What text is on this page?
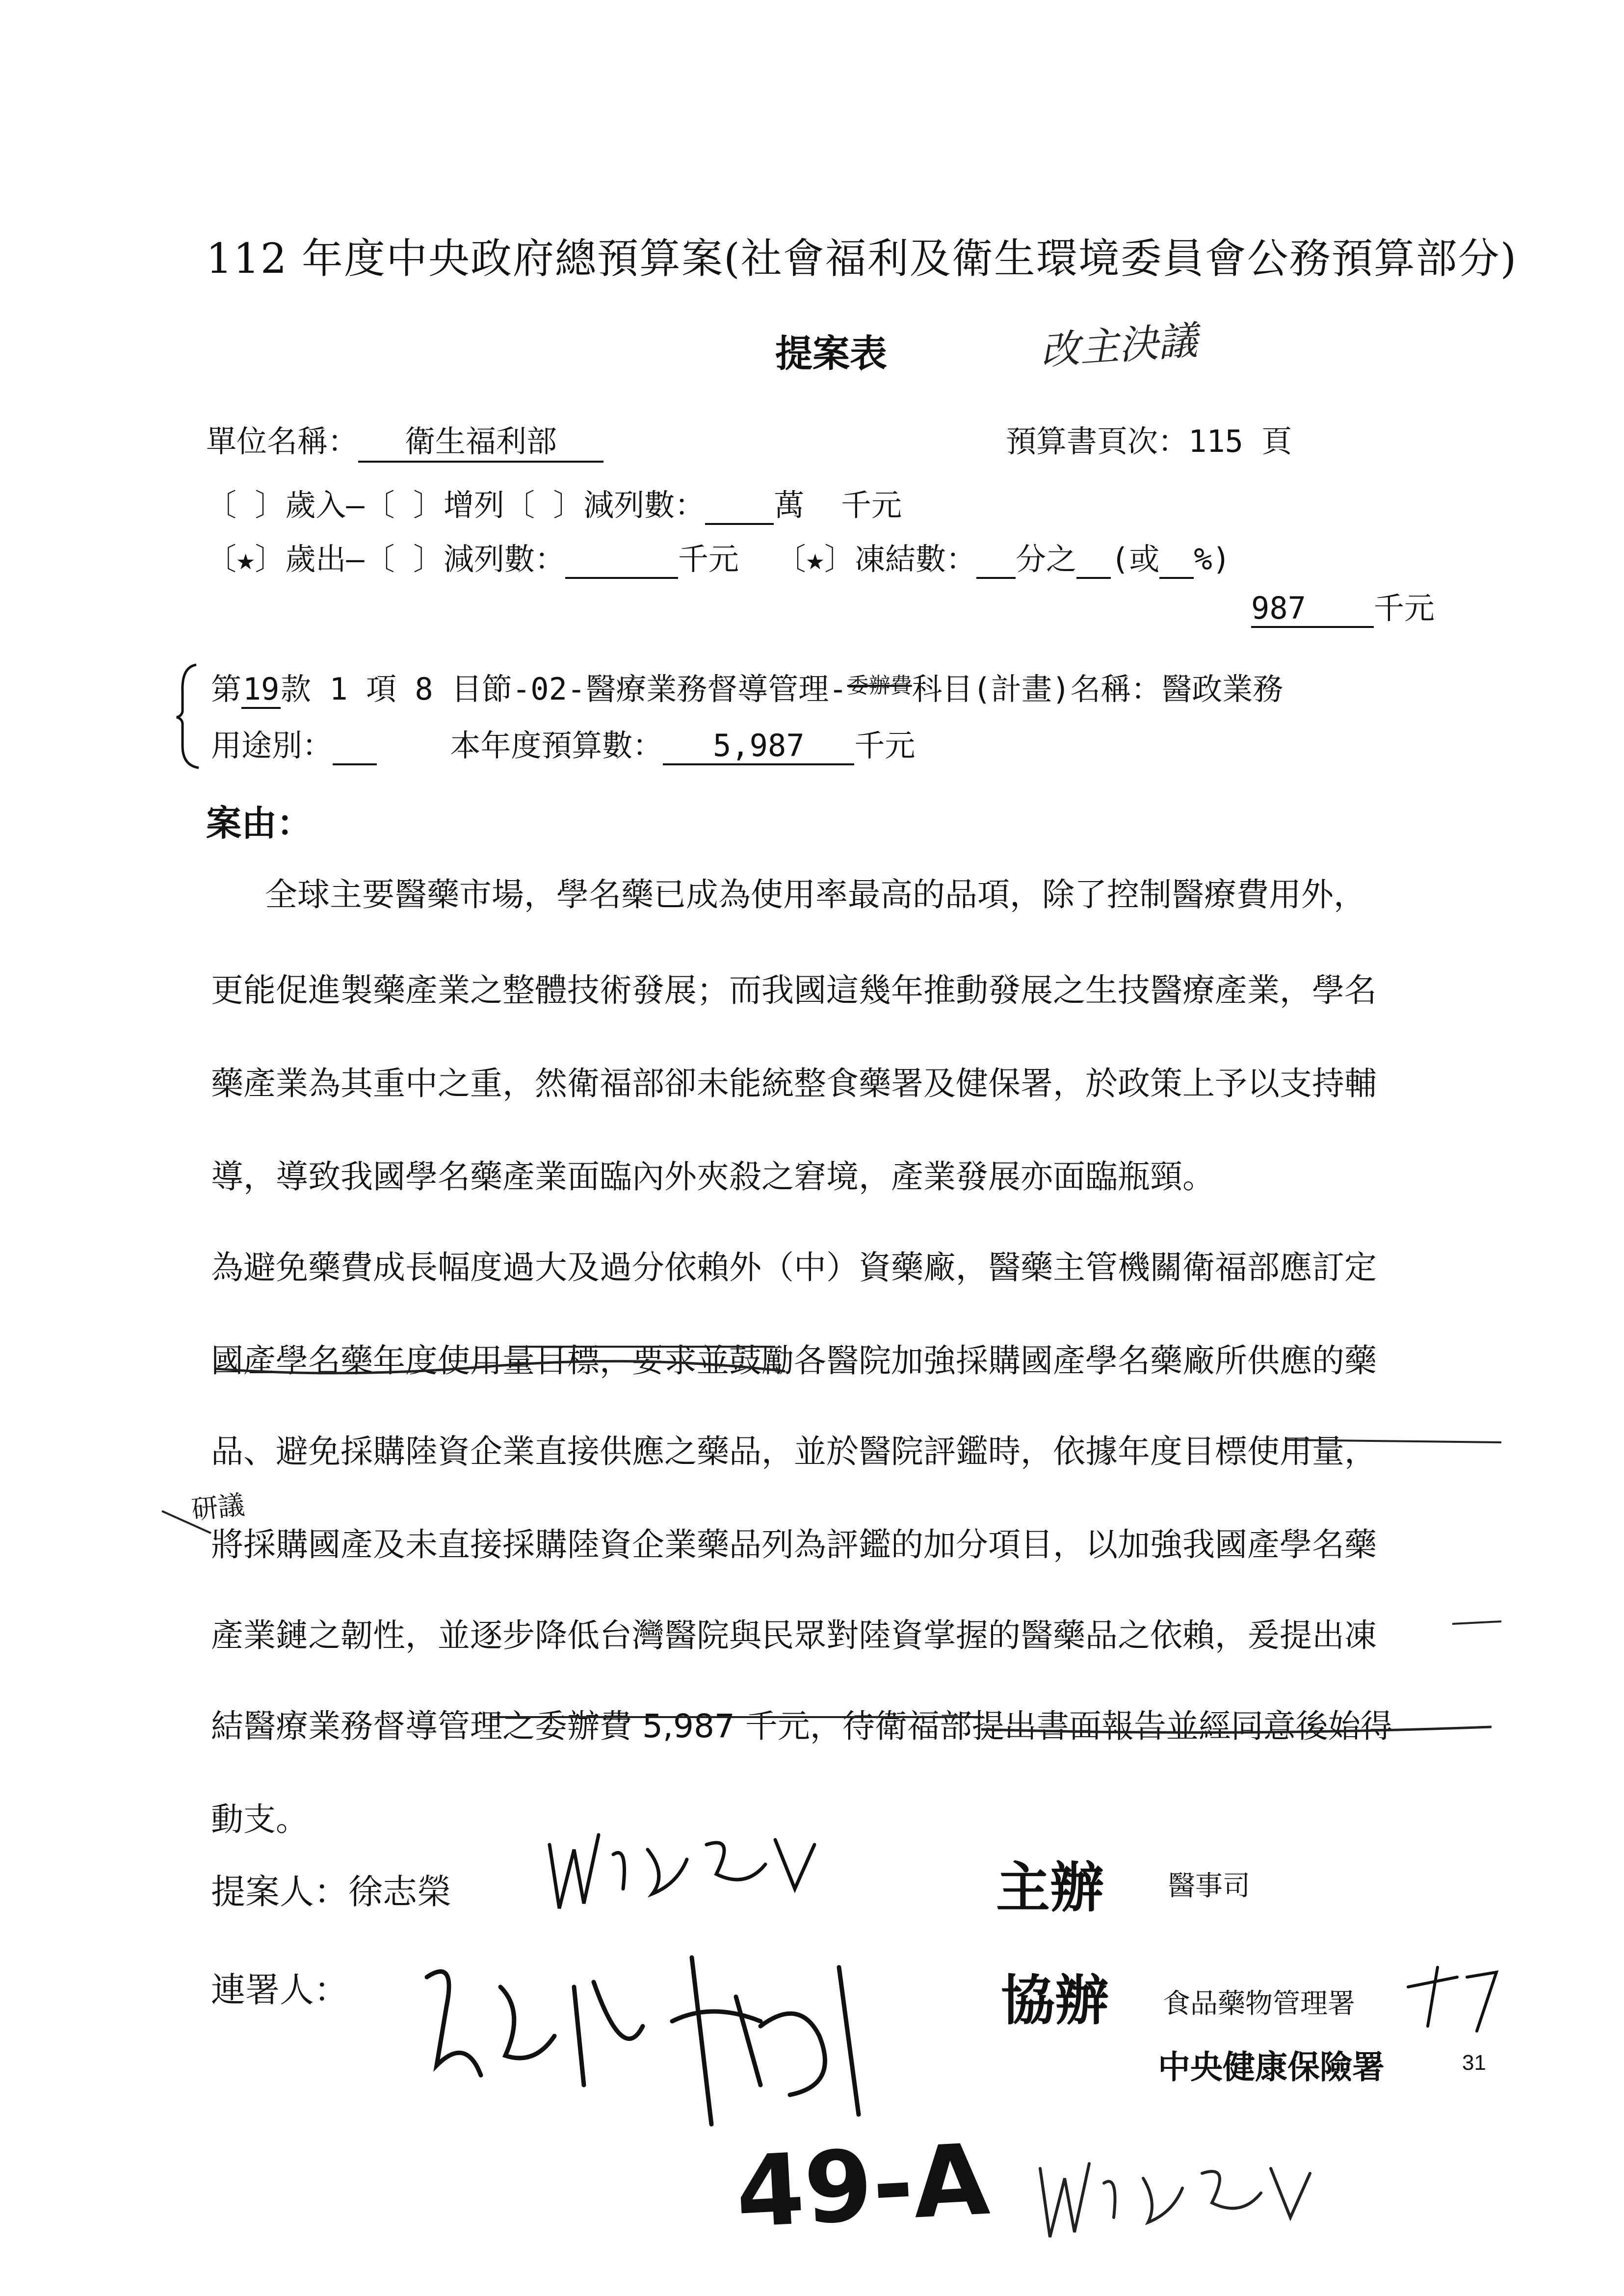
112 年度中央政府總預算案(社會福利及衛生環境委員會公務預算部分)
提案表	改主決議
單位名稱： 衛生福利部	預算書頁次：115 頁
〔 〕歲入—〔 〕增列〔 〕減列數： 萬 千元
〔★〕歲出—〔 〕減列數：	千元  〔★〕凍結數： 分之 (或 %)
987 千元
第19款 1 項 8 目節-02-醫療業務督導管理-$^{委辦費}$科目(計畫)名稱：醫政業務
用途別：	本年度預算數： 5,987 千元
案由：
全球主要醫藥市場，學名藥已成為使用率最高的品項，除了控制醫療費用外，
更能促進製藥產業之整體技術發展；而我國這幾年推動發展之生技醫療產業，學名
藥產業為其重中之重，然衛福部卻未能統整食藥署及健保署，於政策上予以支持輔
導，導致我國學名藥產業面臨內外夾殺之窘境，產業發展亦面臨瓶頸。
為避免藥費成長幅度過大及過分依賴外（中）資藥廠，醫藥主管機關衛福部應訂定
國產學名藥年度使用量目標，要求並鼓勵各醫院加強採購國產學名藥廠所供應的藥
品、避免採購陸資企業直接供應之藥品，並於醫院評鑑時，依據年度目標使用量，
將採購國產及未直接採購陸資企業藥品列為評鑑的加分項目，以加強我國產學名藥
產業鏈之韌性，並逐步降低台灣醫院與民眾對陸資掌握的醫藥品之依賴，爰提出凍
結醫療業務督導管理之委辦費 5,987 千元，待衛福部提出書面報告並經同意後始得
動支。
研議
提案人：徐志榮	主辦 醫事司
連署人：	協辦 食品藥物管理署
中央健康保險署	31
49-A
